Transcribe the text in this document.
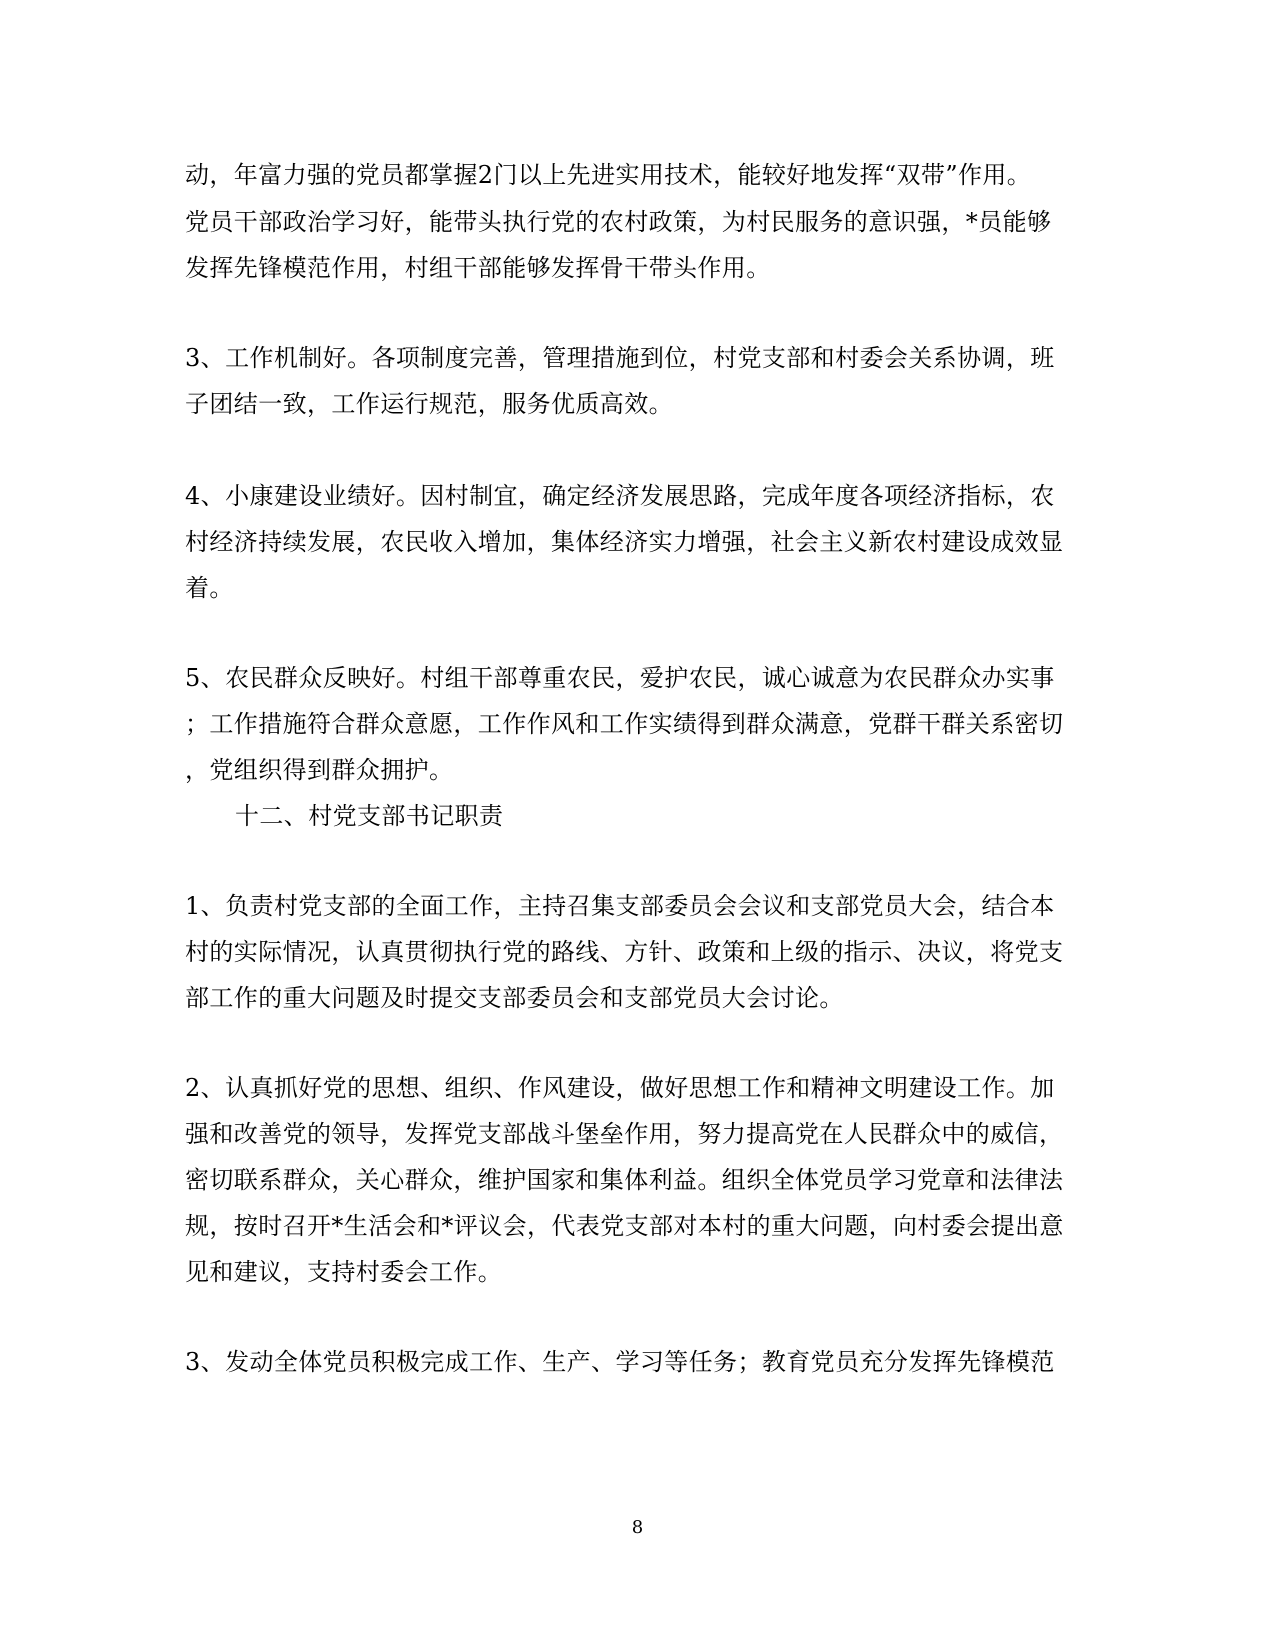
动，年富力强的党员都掌握2门以上先进实用技术，能较好地发挥“双带”作用。
党员干部政治学习好，能带头执行党的农村政策，为村民服务的意识强，*员能够
发挥先锋模范作用，村组干部能够发挥骨干带头作用。
3、工作机制好。各项制度完善，管理措施到位，村党支部和村委会关系协调，班
子团结一致，工作运行规范，服务优质高效。
4、小康建设业绩好。因村制宜，确定经济发展思路，完成年度各项经济指标，农
村经济持续发展，农民收入增加，集体经济实力增强，社会主义新农村建设成效显
着。
5、农民群众反映好。村组干部尊重农民，爱护农民，诚心诚意为农民群众办实事
；工作措施符合群众意愿，工作作风和工作实绩得到群众满意，党群干群关系密切
，党组织得到群众拥护。
十二、村党支部书记职责
1、负责村党支部的全面工作，主持召集支部委员会会议和支部党员大会，结合本
村的实际情况，认真贯彻执行党的路线、方针、政策和上级的指示、决议，将党支
部工作的重大问题及时提交支部委员会和支部党员大会讨论。
2、认真抓好党的思想、组织、作风建设，做好思想工作和精神文明建设工作。加
强和改善党的领导，发挥党支部战斗堡垒作用，努力提高党在人民群众中的威信，
密切联系群众，关心群众，维护国家和集体利益。组织全体党员学习党章和法律法
规，按时召开*生活会和*评议会，代表党支部对本村的重大问题，向村委会提出意
见和建议，支持村委会工作。
3、发动全体党员积极完成工作、生产、学习等任务；教育党员充分发挥先锋模范
8
